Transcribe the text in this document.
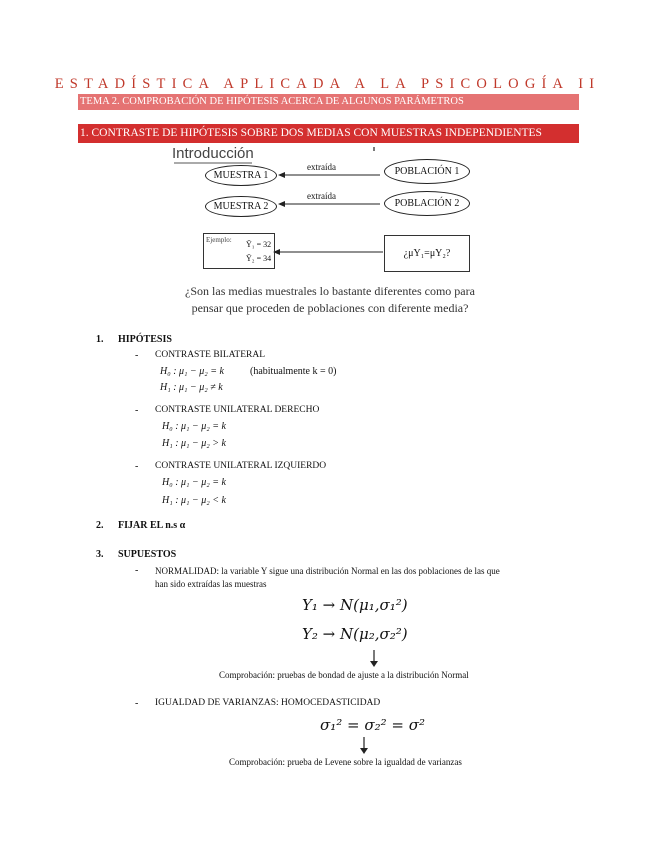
ESTADÍSTICA APLICADA A LA PSICOLOGÍA II
TEMA 2. COMPROBACIÓN DE HIPÓTESIS ACERCA DE ALGUNOS PARÁMETROS
1. CONTRASTE DE HIPÓTESIS SOBRE DOS MEDIAS CON MUESTRAS INDEPENDIENTES
Introducción
MUESTRA 1
MUESTRA 2
POBLACIÓN 1
POBLACIÓN 2
extraída
extraída
Ejemplo: Ȳ₁ = 32
Ȳ₂ = 34	¿μY₁=μY₂?
¿Son las medias muestrales lo bastante diferentes como para
pensar que proceden de poblaciones con diferente media?
1. HIPÓTESIS
- CONTRASTE BILATERAL
H₀ : μ₁ − μ₂ = k	(habitualmente k = 0)
H₁ : μ₁ − μ₂ ≠ k
- CONTRASTE UNILATERAL DERECHO
H₀ : μ₁ − μ₂ = k
H₁ : μ₁ − μ₂ > k
- CONTRASTE UNILATERAL IZQUIERDO
H₀ : μ₁ − μ₂ = k
H₁ : μ₁ − μ₂ < k
2. FIJAR EL n.s α
3. SUPUESTOS
- NORMALIDAD: la variable Y sigue una distribución Normal en las dos poblaciones de las que
han sido extraídas las muestras
Y₁ → N(μ₁,σ₁²)
Y₂ → N(μ₂,σ₂²)
Comprobación: pruebas de bondad de ajuste a la distribución Normal
- IGUALDAD DE VARIANZAS: HOMOCEDASTICIDAD
σ₁² = σ₂² = σ²
Comprobación: prueba de Levene sobre la igualdad de varianzas
